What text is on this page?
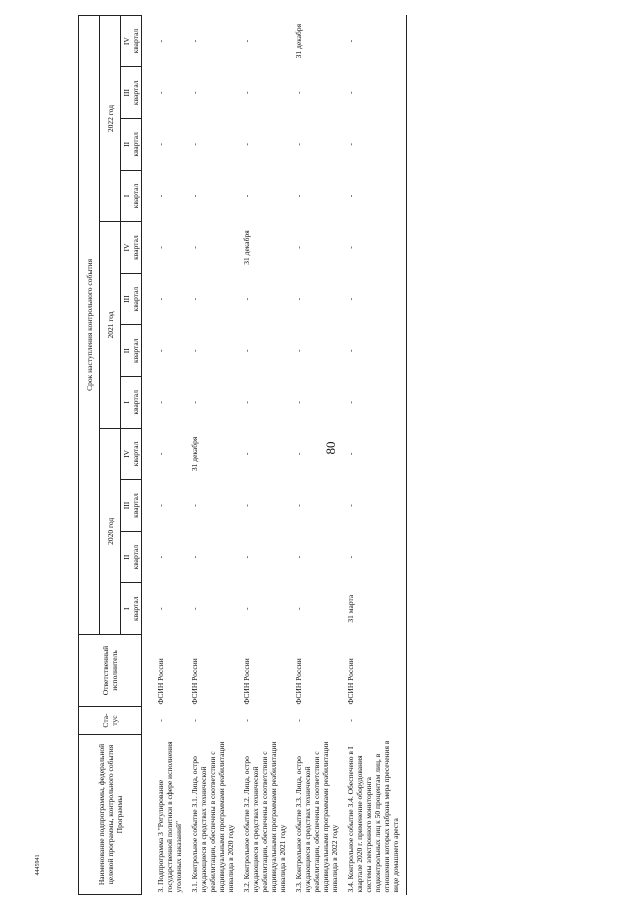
80
4445941	Наименование подпрограммы, федеральной целевой программы, контрольного события Программы	Ста-тус	Ответственный исполнитель	Срок наступления контрольного события											
			2020 год				2021 год				2022 год			

			I квартал	II квартал	III квартал	IV квартал	I квартал	II квартал	III квартал	IV квартал	I квартал	II квартал	III квартал	IV квартал

3. Подпрограмма 3 "Регулирование государственной политики в сфере исполнения уголовных наказаний"	-	ФСИН России	-	-	-	-	-	-	-	-	-	-	-	-
3.1. Контрольное событие 3.1. Лица, остро нуждающиеся в средствах технической реабилитации, обеспечены в соответствии с индивидуальными программами реабилитации инвалида в 2020 году	-	ФСИН России	-	-	-	31 декабря	-	-	-	-	-	-	-	-
3.2. Контрольное событие 3.2. Лица, остро нуждающиеся в средствах технической реабилитации, обеспечены в соответствии с индивидуальными программами реабилитации инвалида в 2021 году	-	ФСИН России	-	-	-	-	-	-	-	31 декабря	-	-	-	-
3.3. Контрольное событие 3.3. Лица, остро нуждающиеся в средствах технической реабилитации, обеспечены в соответствии с индивидуальными программами реабилитации инвалида в 2022 году	-	ФСИН России	-	-	-	-	-	-	-	-	-	-	-	31 декабря
3.4. Контрольное событие 3.4. Обеспечено в I квартале 2020 г. применение оборудования системы электронного мониторинга подконтрольных лиц к 50 процентам лиц, в отношении которых избрана мера пресечения в виде домашнего ареста	-	ФСИН России	31 марта	-	-	-	-	-	-	-	-	-	-	-
